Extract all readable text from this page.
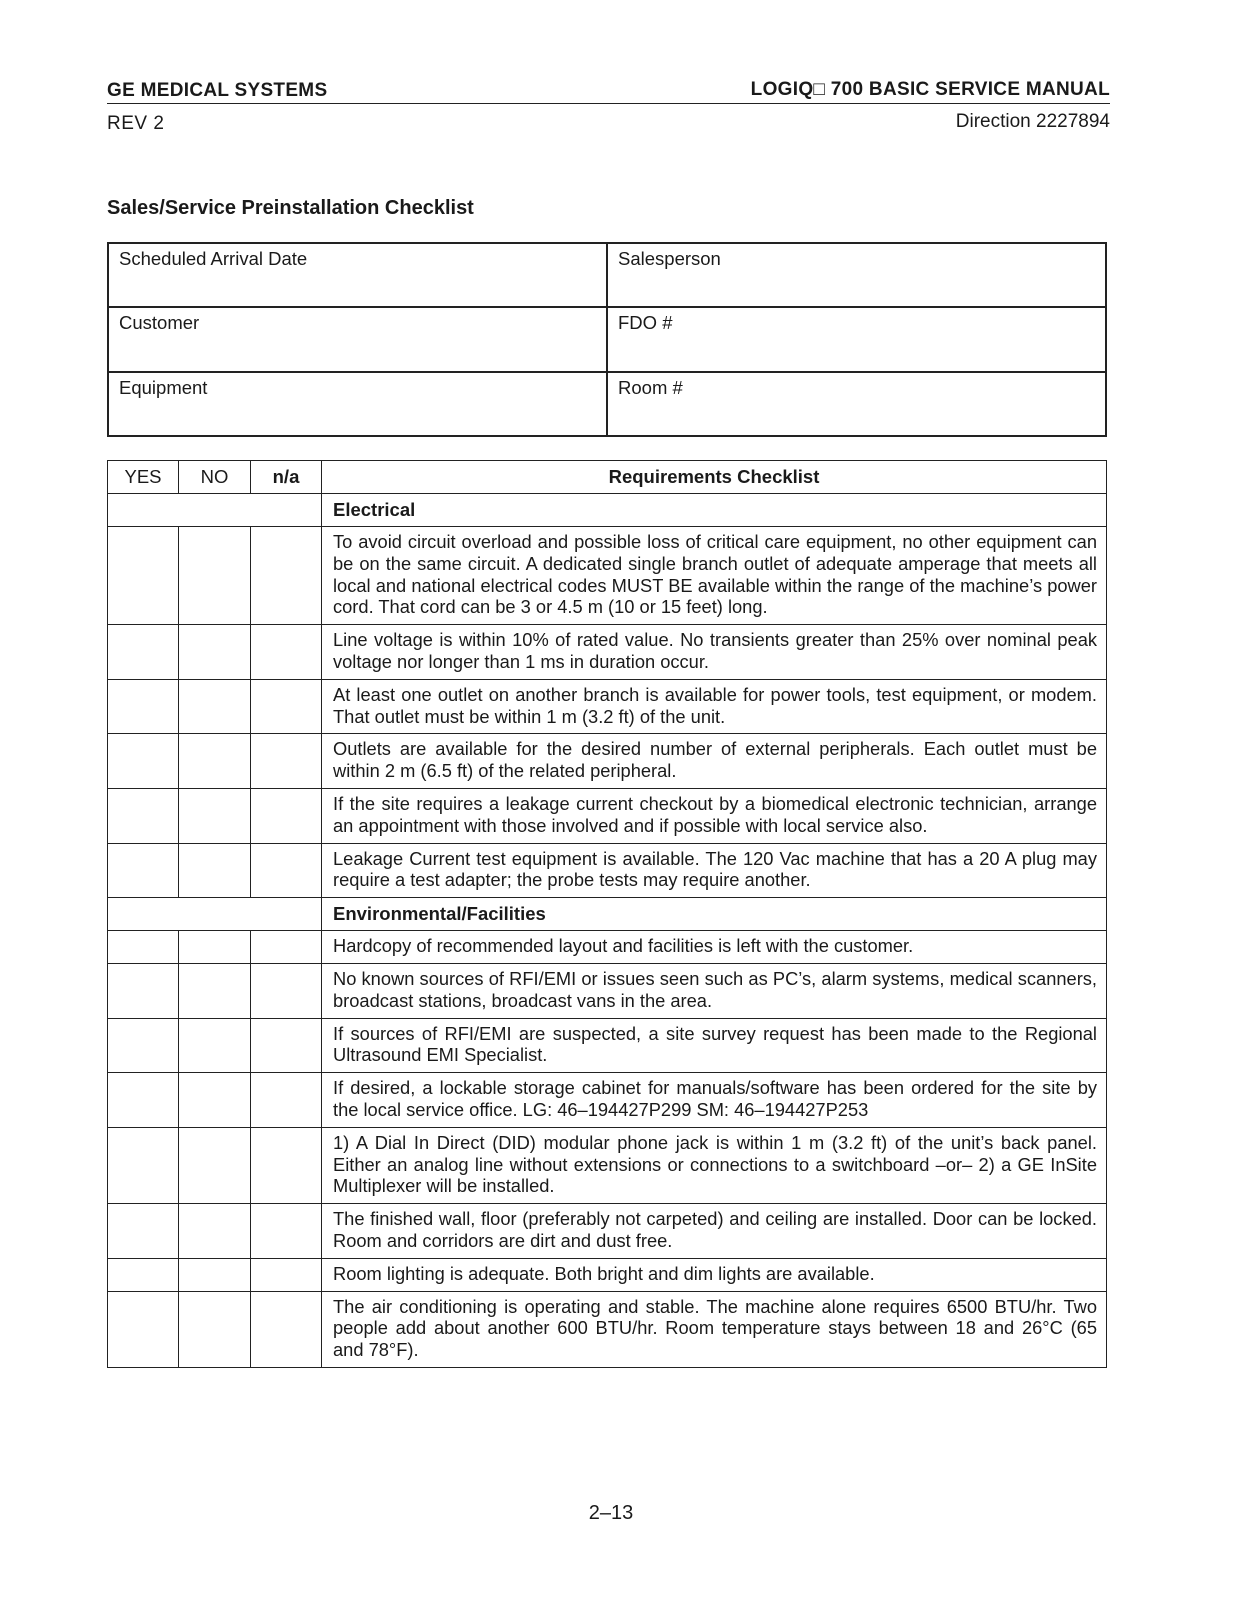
GE MEDICAL SYSTEMS	LOGIQ□ 700 BASIC SERVICE MANUAL
REV 2	Direction 2227894
Sales/Service Preinstallation Checklist
Scheduled Arrival Date	Salesperson
Customer	FDO #
Equipment	Room #
YES	NO	n/a	Requirements Checklist
			Electrical
			To avoid circuit overload and possible loss of critical care equipment, no other equipment can be on the same circuit. A dedicated single branch outlet of adequate amperage that meets all local and national electrical codes MUST BE available within the range of the machine’s power cord. That cord can be 3 or 4.5 m (10 or 15 feet) long.
			Line voltage is within 10% of rated value. No transients greater than 25% over nominal peak voltage nor longer than 1 ms in duration occur.
			At least one outlet on another branch is available for power tools, test equipment, or modem. That outlet must be within 1 m (3.2 ft) of the unit.
			Outlets are available for the desired number of external peripherals. Each outlet must be within 2 m (6.5 ft) of the related peripheral.
			If the site requires a leakage current checkout by a biomedical electronic technician, arrange an appointment with those involved and if possible with local service also.
			Leakage Current test equipment is available. The 120 Vac machine that has a 20 A plug may require a test adapter; the probe tests may require another.
			Environmental/Facilities
			Hardcopy of recommended layout and facilities is left with the customer.
			No known sources of RFI/EMI or issues seen such as PC’s, alarm systems, medical scanners, broadcast stations, broadcast vans in the area.
			If sources of RFI/EMI are suspected, a site survey request has been made to the Regional Ultrasound EMI Specialist.
			If desired, a lockable storage cabinet for manuals/software has been ordered for the site by the local service office. LG: 46–194427P299 SM: 46–194427P253
			1) A Dial In Direct (DID) modular phone jack is within 1 m (3.2 ft) of the unit’s back panel. Either an analog line without extensions or connections to a switchboard –or– 2) a GE InSite Multiplexer will be installed.
			The finished wall, floor (preferably not carpeted) and ceiling are installed. Door can be locked. Room and corridors are dirt and dust free.
			Room lighting is adequate. Both bright and dim lights are available.
			The air conditioning is operating and stable. The machine alone requires 6500 BTU/hr. Two people add about another 600 BTU/hr. Room temperature stays between 18 and 26°C (65 and 78°F).
2–13
